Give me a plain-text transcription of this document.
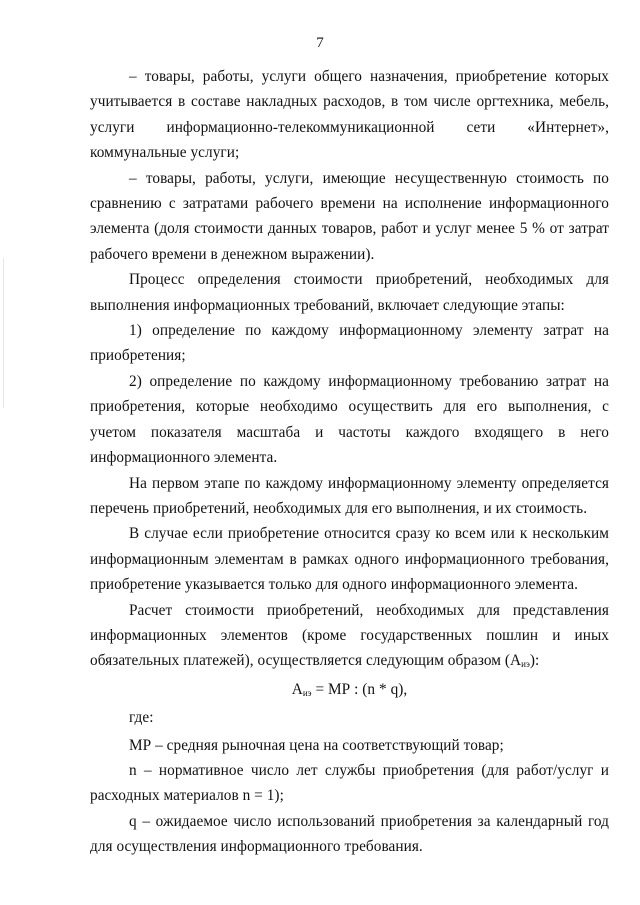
7

– товары, работы, услуги общего назначения, приобретение которых учитывается в составе накладных расходов, в том числе оргтехника, мебель, услуги информационно-телекоммуникационной сети «Интернет», коммунальные услуги;

– товары, работы, услуги, имеющие несущественную стоимость по сравнению с затратами рабочего времени на исполнение информационного элемента (доля стоимости данных товаров, работ и услуг менее 5 % от затрат рабочего времени в денежном выражении).

Процесс определения стоимости приобретений, необходимых для выполнения информационных требований, включает следующие этапы:

1) определение по каждому информационному элементу затрат на приобретения;

2) определение по каждому информационному требованию затрат на приобретения, которые необходимо осуществить для его выполнения, с учетом показателя масштаба и частоты каждого входящего в него информационного элемента.

На первом этапе по каждому информационному элементу определяется перечень приобретений, необходимых для его выполнения, и их стоимость.

В случае если приобретение относится сразу ко всем или к нескольким информационным элементам в рамках одного информационного требования, приобретение указывается только для одного информационного элемента.

Расчет стоимости приобретений, необходимых для представления информационных элементов (кроме государственных пошлин и иных обязательных платежей), осуществляется следующим образом $(А_{иэ})$:

$А_{иэ}$ = МР : (n * q),

где:

МР – средняя рыночная цена на соответствующий товар;

n – нормативное число лет службы приобретения (для работ/услуг и расходных материалов n = 1);

q – ожидаемое число использований приобретения за календарный год для осуществления информационного требования.
